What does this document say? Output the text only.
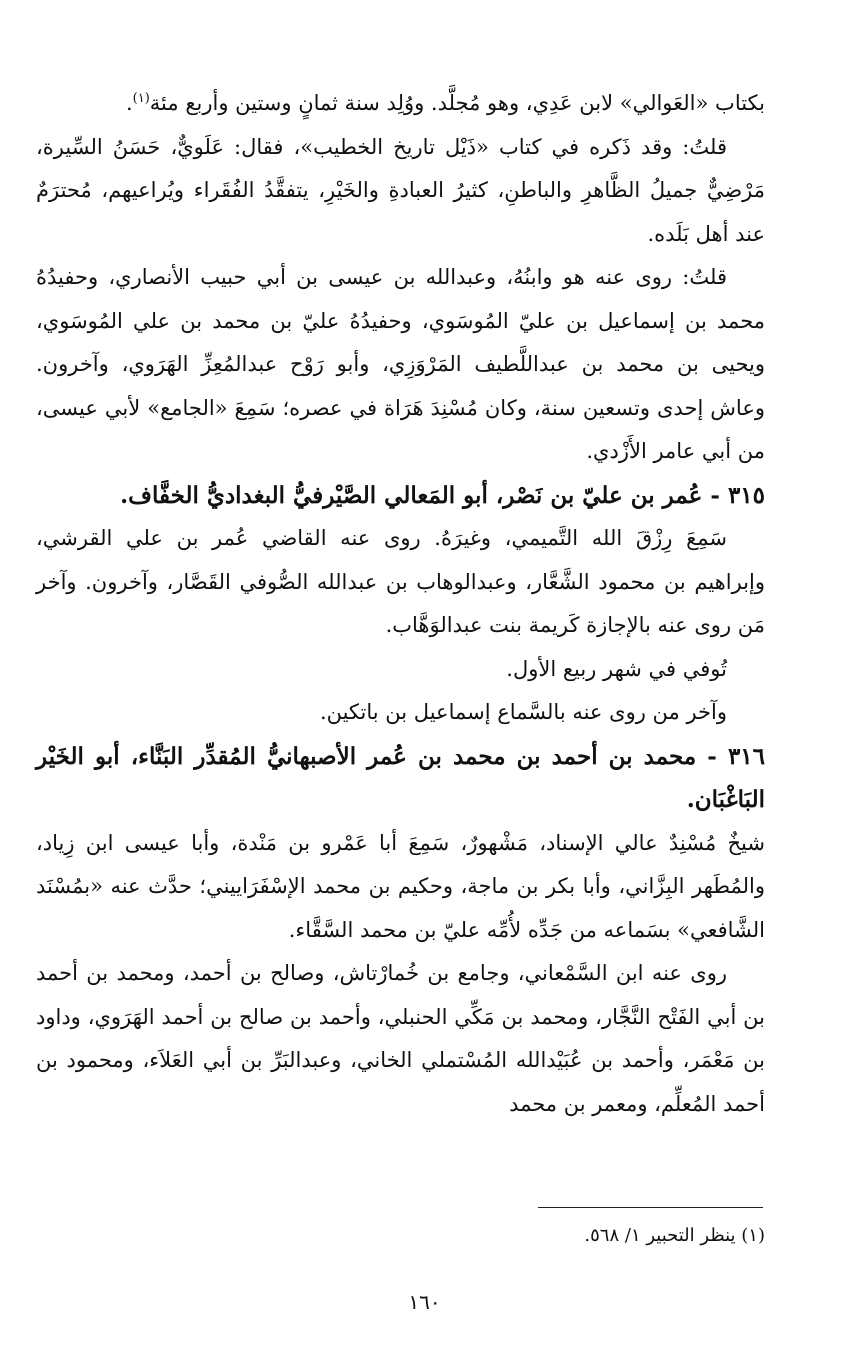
بكتاب «العَوالي» لابن عَدِي، وهو مُجلَّد. ووُلِد سنة ثمانٍ وستين وأربع مئة$^{(١)}$.

قلتُ: وقد ذَكره في كتاب «ذَيْل تاريخ الخطيب»، فقال: عَلَويٌّ، حَسَنُ السِّيرة، مَرْضِيٌّ جميلُ الظَّاهرِ والباطنِ، كثيرُ العبادةِ والخَيْرِ، يتفقَّدُ الفُقَراء ويُراعيهم، مُحترَمٌ عند أهل بَلَده.

قلتُ: روى عنه هو وابنُهُ، وعبدالله بن عيسى بن أبي حبيب الأنصاري، وحفيدُهُ محمد بن إسماعيل بن عليّ المُوسَوي، وحفيدُهُ عليّ بن محمد بن علي المُوسَوي، ويحيى بن محمد بن عبداللَّطيف المَرْوَزِي، وأبو رَوْح عبدالمُعِزِّ الهَرَوي، وآخرون. وعاش إحدى وتسعين سنة، وكان مُسْنِدَ هَرَاة في عصره؛ سَمِعَ «الجامع» لأبي عيسى، من أبي عامر الأَزْدي.

٣١٥ - عُمر بن عليّ بن نَصْر، أبو المَعالي الصَّيْرفيُّ البغداديُّ الخفَّاف.

سَمِعَ رِزْقَ الله التَّميمي، وغيرَهُ. روى عنه القاضي عُمر بن علي القرشي، وإبراهيم بن محمود الشَّعَّار، وعبدالوهاب بن عبدالله الصُّوفي القَصَّار، وآخرون. وآخر مَن روى عنه بالإجازة كَريمة بنت عبدالوَهَّاب.

تُوفي في شهر ربيع الأول.

وآخر من روى عنه بالسَّماع إسماعيل بن باتكين.

٣١٦ - محمد بن أحمد بن محمد بن عُمر الأصبهانيُّ المُقدِّر البَنَّاء، أبو الخَيْر البَاغْبَان.

شيخٌ مُسْنِدٌ عالي الإسناد، مَشْهورٌ، سَمِعَ أبا عَمْرو بن مَنْدة، وأبا عيسى ابن زِياد، والمُطَهر البِزَّاني، وأبا بكر بن ماجة، وحكيم بن محمد الإسْفَرَاييني؛ حدَّث عنه «بمُسْنَد الشَّافعي» بسَماعه من جَدِّه لأُمِّه عليّ بن محمد السَّقَّاء.

روى عنه ابن السَّمْعاني، وجامع بن خُمارْتاش، وصالح بن أحمد، ومحمد بن أحمد بن أبي الفَتْح النَّجَّار، ومحمد بن مَكِّي الحنبلي، وأحمد بن صالح بن أحمد الهَرَوي، وداود بن مَعْمَر، وأحمد بن عُبَيْدالله المُسْتملي الخاني، وعبدالبَرِّ بن أبي العَلاَء، ومحمود بن أحمد المُعلِّم، ومعمر بن محمد

(١) ينظر التحبير ١/ ٥٦٨.
١٦٠
